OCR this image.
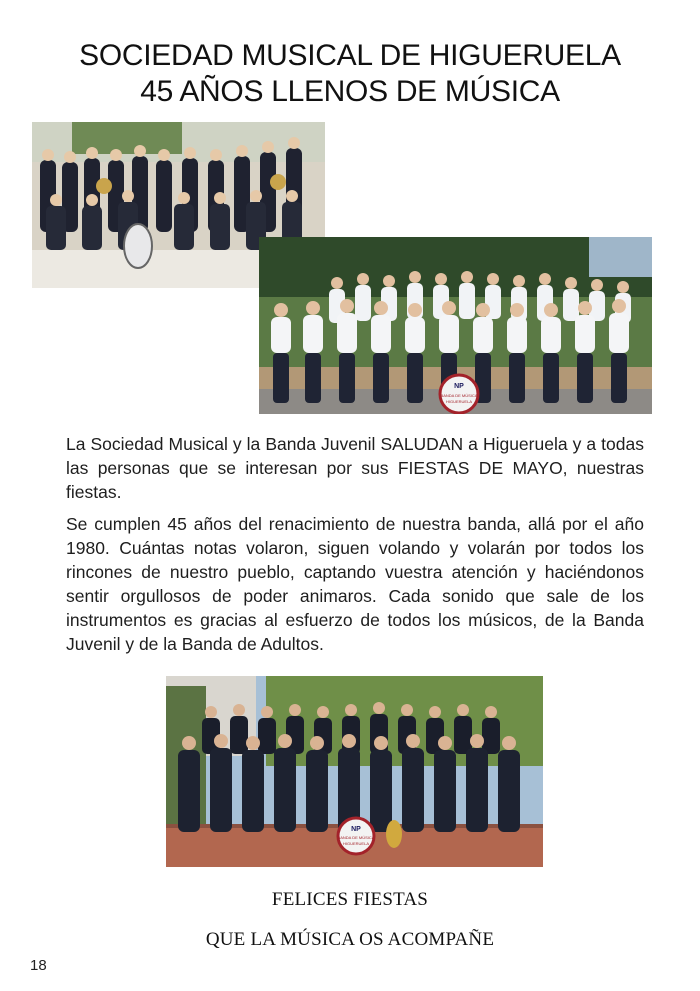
SOCIEDAD MUSICAL DE HIGUERUELA
45 AÑOS LLENOS DE MÚSICA
NP
BANDA DE MÚSICA
HIGUERUELA

La Sociedad Musical y la Banda Juvenil SALUDAN a Higueruela y a todas las personas que se interesan por sus FIESTAS DE MAYO, nuestras fiestas.

Se cumplen 45 años del renacimiento de nuestra banda, allá por el año 1980. Cuántas notas volaron, siguen volando y volarán por todos los rincones de nuestro pueblo, captando vuestra atención y haciéndonos sentir orgullosos de poder animaros. Cada sonido que sale de los instrumentos es gracias al esfuerzo de todos los músicos, de la Banda Juvenil y de la Banda de Adultos.

NP
BANDA DE MÚSICA
HIGUERUELA
FELICES FIESTAS
QUE LA MÚSICA OS ACOMPAÑE
18
